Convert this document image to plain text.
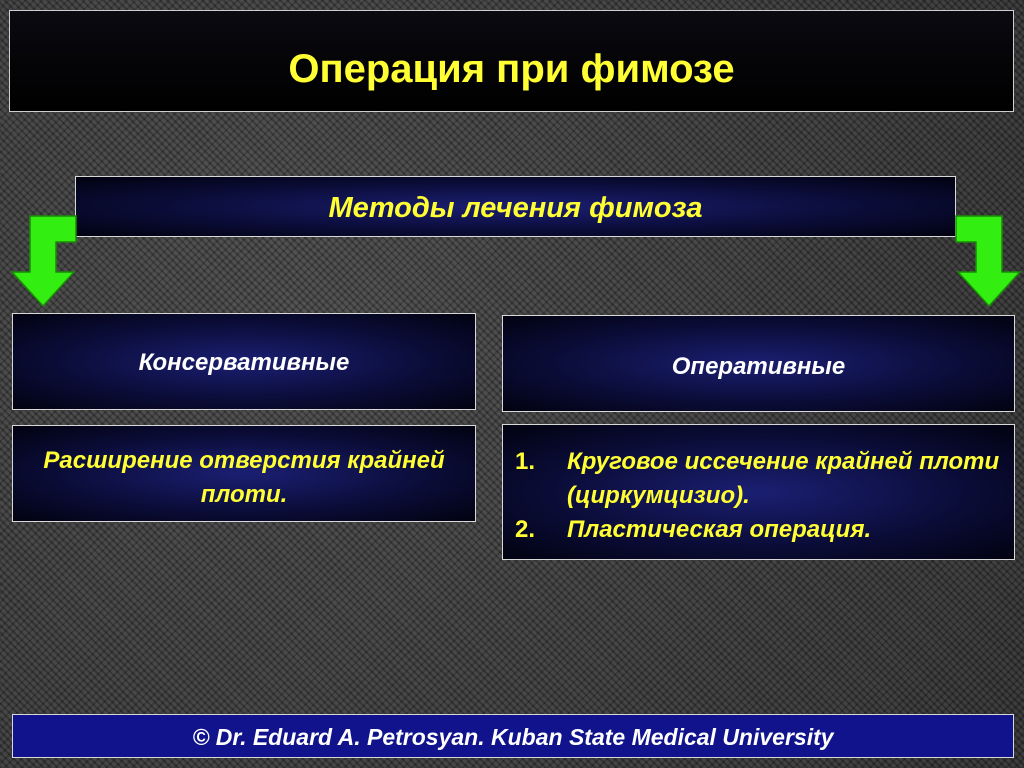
Операция при фимозе
Методы лечения фимоза
Консервативные	Оперативные
Расширение отверстия крайней плоти.
1. Круговое иссечение крайней плоти (циркумцизио).
2. Пластическая операция.
© Dr. Eduard A. Petrosyan. Kuban State Medical University
